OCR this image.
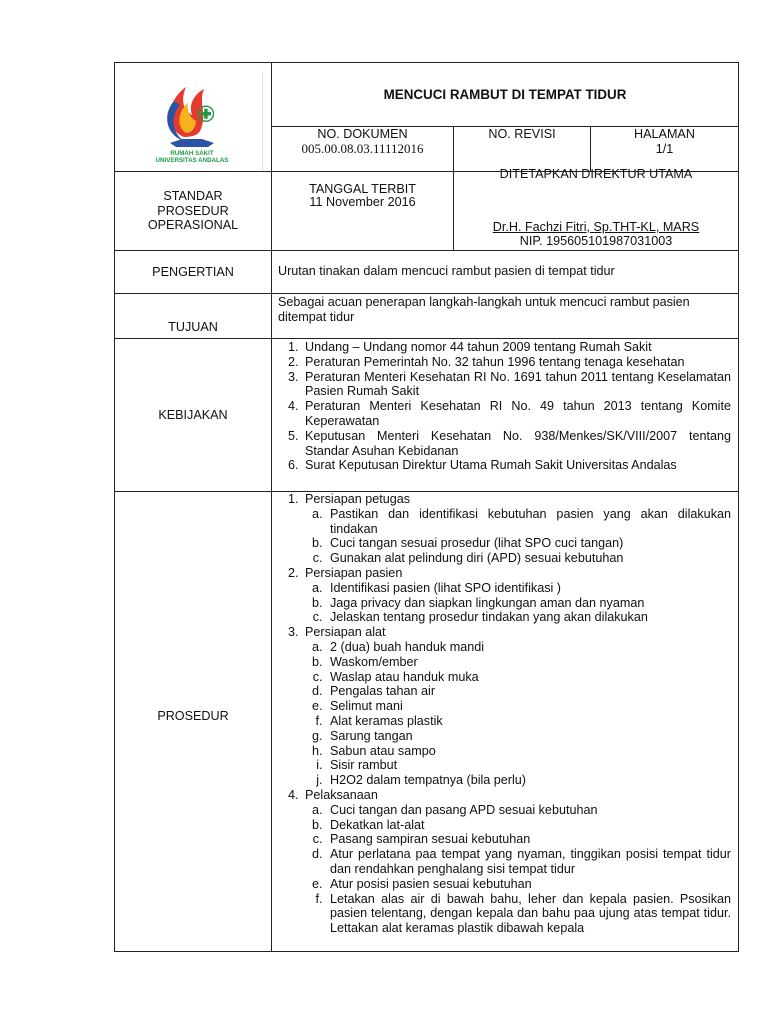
RUMAH SAKIT
UNIVERSITAS ANDALAS
MENCUCI RAMBUT DI TEMPAT TIDUR
NO. DOKUMEN
005.00.08.03.11112016
NO. REVISI	HALAMAN
1/1
STANDAR
PROSEDUR
OPERASIONAL
TANGGAL TERBIT
11 November 2016
DITETAPKAN DIREKTUR UTAMA
Dr.H. Fachzi Fitri, Sp.THT-KL, MARS
NIP. 195605101987031003
PENGERTIAN	Urutan tinakan dalam mencuci rambut pasien di tempat tidur
TUJUAN
Sebagai acuan penerapan langkah-langkah untuk mencuci rambut pasien ditempat tidur
KEBIJAKAN
1. Undang – Undang nomor 44 tahun 2009 tentang Rumah Sakit
2. Peraturan Pemerintah No. 32 tahun 1996 tentang tenaga kesehatan
3. Peraturan Menteri Kesehatan RI No. 1691 tahun 2011 tentang Keselamatan Pasien Rumah Sakit
4. Peraturan Menteri Kesehatan RI No. 49 tahun 2013 tentang Komite Keperawatan
5. Keputusan Menteri Kesehatan No. 938/Menkes/SK/VIII/2007 tentang Standar Asuhan Kebidanan
6. Surat Keputusan Direktur Utama Rumah Sakit Universitas Andalas
PROSEDUR
1. Persiapan petugas
a. Pastikan dan identifikasi kebutuhan pasien yang akan dilakukan tindakan
b. Cuci tangan sesuai prosedur (lihat SPO cuci tangan)
c. Gunakan alat pelindung diri (APD) sesuai kebutuhan
2. Persiapan pasien
a. Identifikasi pasien (lihat SPO identifikasi )
b. Jaga privacy dan siapkan lingkungan aman dan nyaman
c. Jelaskan tentang prosedur tindakan yang akan dilakukan
3. Persiapan alat
a. 2 (dua) buah handuk mandi
b. Waskom/ember
c. Waslap atau handuk muka
d. Pengalas tahan air
e. Selimut mani
f. Alat keramas plastik
g. Sarung tangan
h. Sabun atau sampo
i. Sisir rambut
j. H2O2 dalam tempatnya (bila perlu)
4. Pelaksanaan
a. Cuci tangan dan pasang APD sesuai kebutuhan
b. Dekatkan lat-alat
c. Pasang sampiran sesuai kebutuhan
d. Atur perlatana paa tempat yang nyaman, tinggikan posisi tempat tidur dan rendahkan penghalang sisi tempat tidur
e. Atur posisi pasien sesuai kebutuhan
f. Letakan alas air di bawah bahu, leher dan kepala pasien. Psosikan pasien telentang, dengan kepala dan bahu paa ujung atas tempat tidur. Lettakan alat keramas plastik dibawah kepala
